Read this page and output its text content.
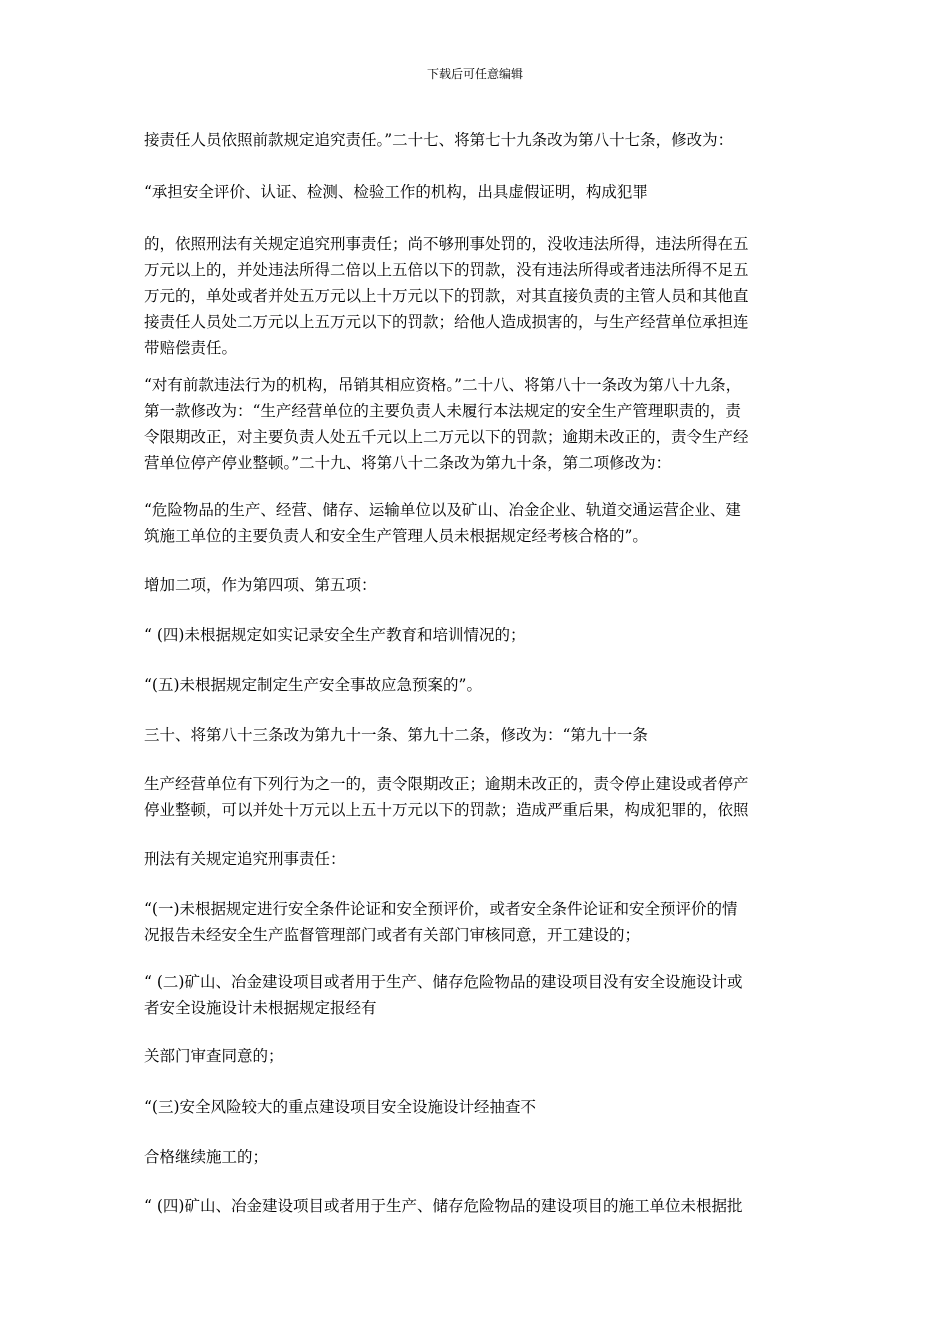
下载后可任意编辑
接责任人员依照前款规定追究责任。”二十七、将第七十九条改为第八十七条，修改为：
“承担安全评价、认证、检测、检验工作的机构，出具虚假证明，构成犯罪
的，依照刑法有关规定追究刑事责任；尚不够刑事处罚的，没收违法所得，违法所得在五
万元以上的，并处违法所得二倍以上五倍以下的罚款，没有违法所得或者违法所得不足五
万元的，单处或者并处五万元以上十万元以下的罚款，对其直接负责的主管人员和其他直
接责任人员处二万元以上五万元以下的罚款；给他人造成损害的，与生产经营单位承担连
带赔偿责任。
“对有前款违法行为的机构，吊销其相应资格。”二十八、将第八十一条改为第八十九条，
第一款修改为：“生产经营单位的主要负责人未履行本法规定的安全生产管理职责的，责
令限期改正，对主要负责人处五千元以上二万元以下的罚款；逾期未改正的，责令生产经
营单位停产停业整顿。”二十九、将第八十二条改为第九十条，第二项修改为：
“危险物品的生产、经营、储存、运输单位以及矿山、冶金企业、轨道交通运营企业、建
筑施工单位的主要负责人和安全生产管理人员未根据规定经考核合格的”。
增加二项，作为第四项、第五项：
“ (四)未根据规定如实记录安全生产教育和培训情况的；
“(五)未根据规定制定生产安全事故应急预案的”。
三十、将第八十三条改为第九十一条、第九十二条，修改为：“第九十一条
生产经营单位有下列行为之一的，责令限期改正；逾期未改正的，责令停止建设或者停产
停业整顿，可以并处十万元以上五十万元以下的罚款；造成严重后果，构成犯罪的，依照
刑法有关规定追究刑事责任：
“(一)未根据规定进行安全条件论证和安全预评价，或者安全条件论证和安全预评价的情
况报告未经安全生产监督管理部门或者有关部门审核同意，开工建设的；
“ (二)矿山、冶金建设项目或者用于生产、储存危险物品的建设项目没有安全设施设计或
者安全设施设计未根据规定报经有
关部门审查同意的；
“(三)安全风险较大的重点建设项目安全设施设计经抽查不
合格继续施工的；
“ (四)矿山、冶金建设项目或者用于生产、储存危险物品的建设项目的施工单位未根据批
